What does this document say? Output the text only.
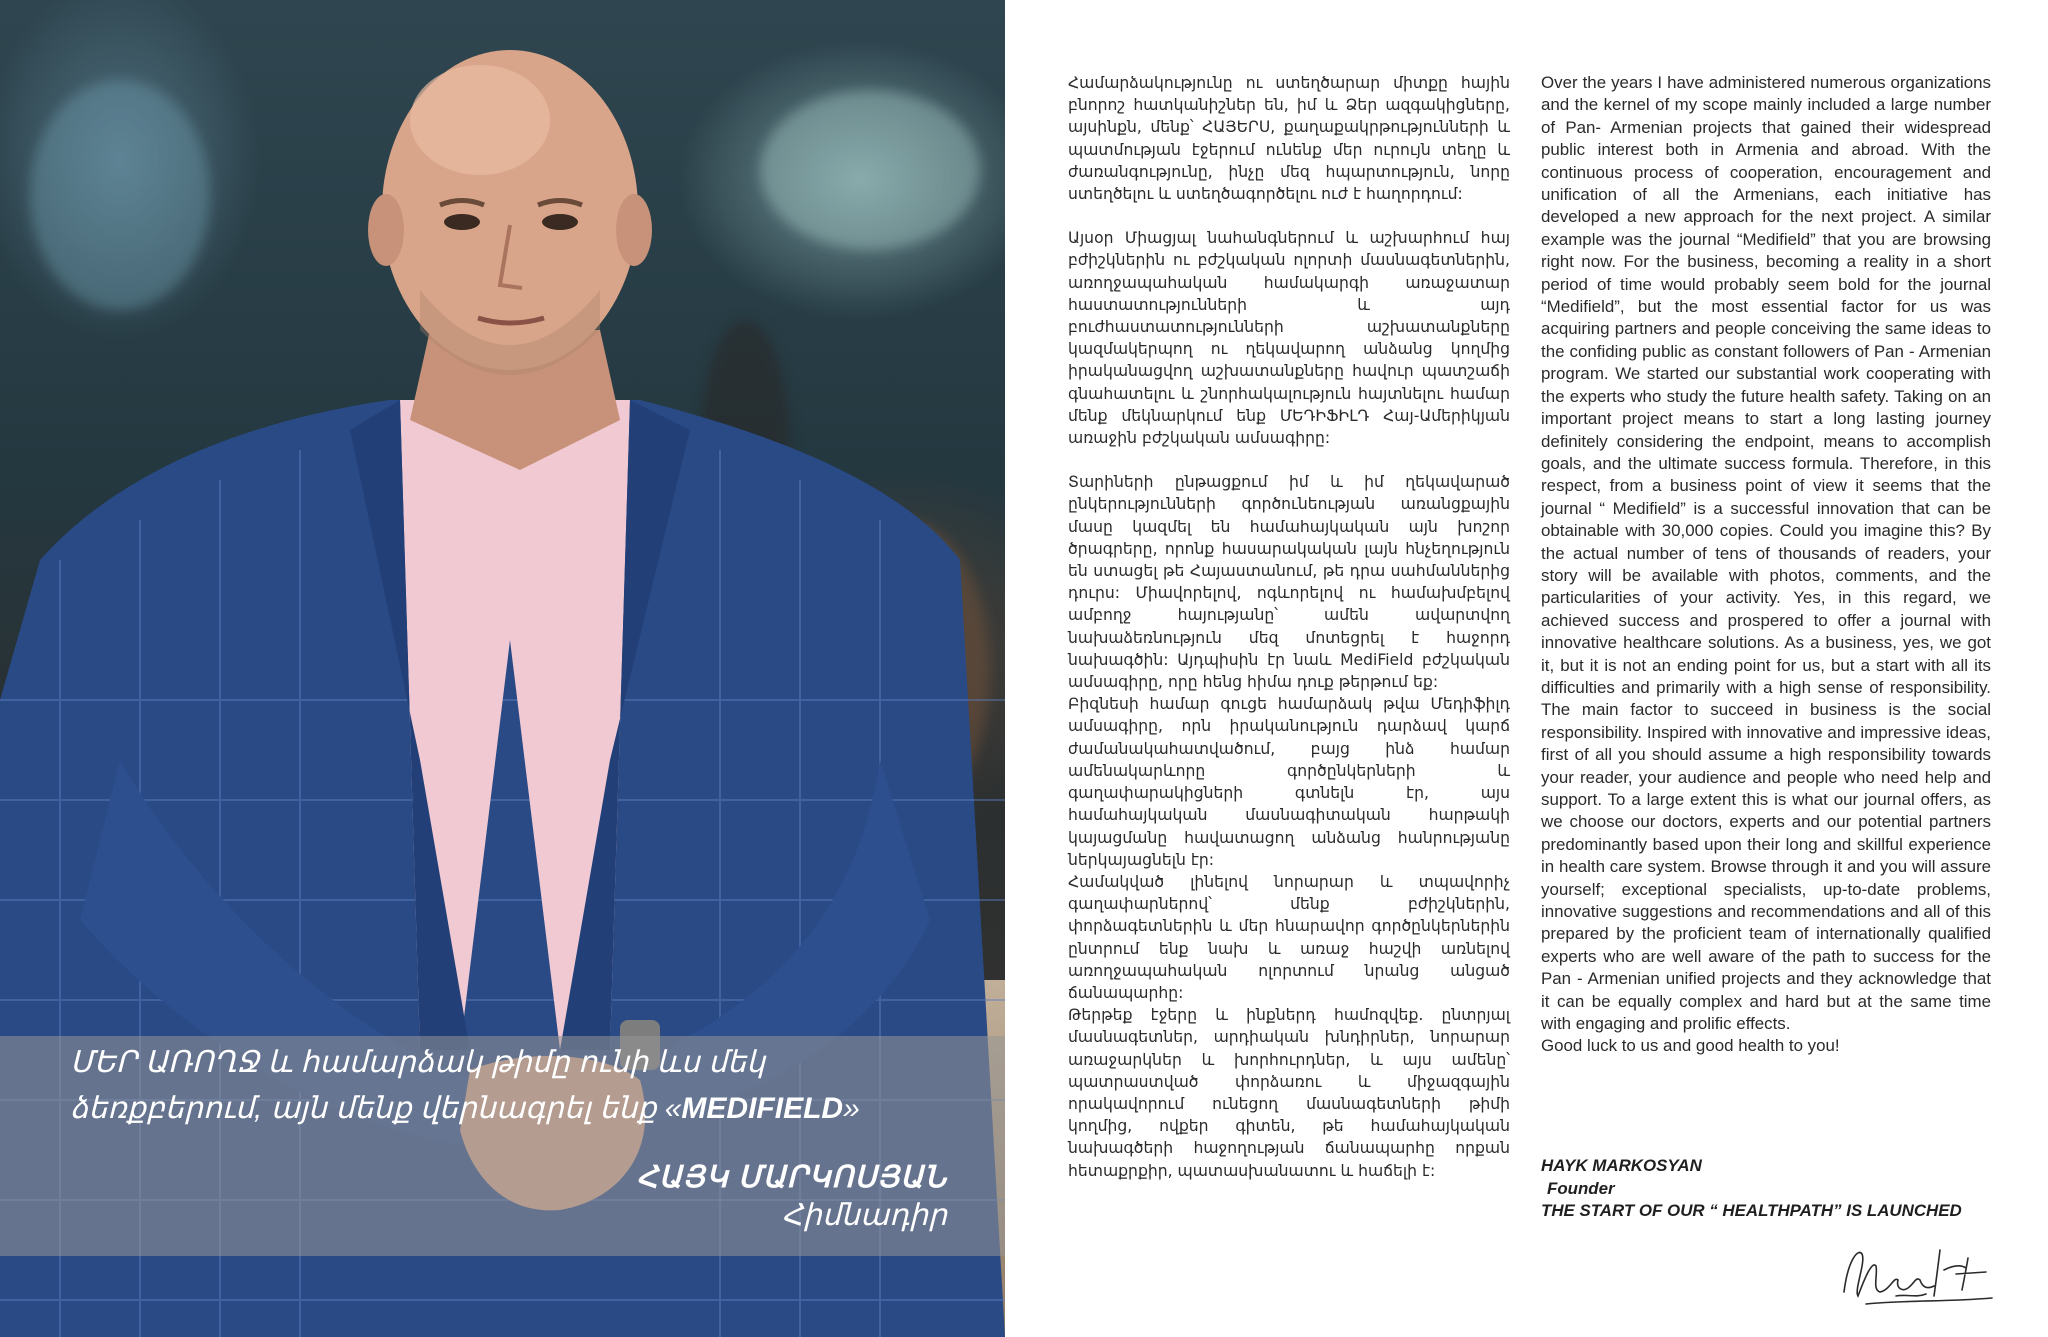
ՄԵՐ ԱՌՈՂՋ և համարձակ թիմը ունի ևս մեկ
ձեռքբերում, այն մենք վերնագրել ենք «MEDIFIELD»
ՀԱՅԿ ՄԱՐԿՈՍՅԱՆ
Հիմնադիր

Համարձակությունը ու ստեղծարար միտքը հային բնորոշ հատկանիշներ են, իմ և Ձեր ազգակիցները, այսինքն, մենք՝ ՀԱՅԵՐՍ, քաղաքակրթությունների և պատմության էջերում ունենք մեր ուրույն տեղը և ժառանգությունը, ինչը մեզ հպարտություն, նորը ստեղծելու և ստեղծագործելու ուժ է հաղորդում:

Այսօր Միացյալ նահանգներում և աշխարհում հայ բժիշկներին ու բժշկական ոլորտի մասնագետներին, առողջապահական համակարգի առաջատար հաստատությունների և այդ բուժհաստատությունների աշխատանքները կազմակերպող ու ղեկավարող անձանց կողմից իրականացվող աշխատանքները հավուր պատշաճի գնահատելու և շնորհակալություն հայտնելու համար մենք մեկնարկում ենք ՄԵԴԻՖԻԼԴ Հայ-Ամերիկյան առաջին բժշկական ամսագիրը:

Տարիների ընթացքում իմ և իմ ղեկավարած ընկերությունների գործունեության առանցքային մասը կազմել են համահայկական այն խոշոր ծրագրերը, որոնք հասարակական լայն հնչեղություն են ստացել թե Հայաստանում, թե դրա սահմաններից դուրս: Միավորելով, ոգևորելով ու համախմբելով ամբողջ հայությանը՝ ամեն ավարտվող նախաձեռնություն մեզ մոտեցրել է հաջորդ նախագծին: Այդպիսին էր նաև MediField բժշկական ամսագիրը, որը հենց հիմա դուք թերթում եք:

Բիզնեսի համար գուցե համարձակ թվա Մեդիֆիլդ ամսագիրը, որն իրականություն դարձավ կարճ ժամանակահատվածում, բայց ինձ համար ամենակարևորը գործընկերների և գաղափարակիցների գտնելն էր, այս համահայկական մասնագիտական հարթակի կայացմանը հավատացող անձանց հանրությանը ներկայացնելն էր:

Համակված լինելով նորարար և տպավորիչ գաղափարներով՝ մենք բժիշկներին, փորձագետներին և մեր հնարավոր գործընկերներին ընտրում ենք նախ և առաջ հաշվի առնելով առողջապահական ոլորտում նրանց անցած ճանապարհը:

Թերթեք էջերը և ինքներդ համոզվեք. ընտրյալ մասնագետներ, արդիական խնդիրներ, նորարար առաջարկներ և խորհուրդներ, և այս ամենը՝ պատրաստված փորձառու և միջազգային որակավորում ունեցող մասնագետների թիմի կողմից, ովքեր գիտեն, թե համահայկական նախագծերի հաջողության ճանապարհը որքան հետաքրքիր, պատասխանատու և հաճելի է:

Over the years I have administered numerous organizations and the kernel of my scope mainly included a large number of Pan- Armenian projects that gained their widespread public interest both in Armenia and abroad. With the continuous process of cooperation, encouragement and unification of all the Armenians, each initiative has developed a new approach for the next project. A similar example was the journal “Medifield” that you are browsing right now. For the business, becoming a reality in a short period of time would probably seem bold for the journal “Medifield”, but the most essential factor for us was acquiring partners and people conceiving the same ideas to the confiding public as constant followers of Pan - Armenian program. We started our substantial work cooperating with the experts who study the future health safety. Taking on an important project means to start a long lasting journey definitely considering the endpoint, means to accomplish goals, and the ultimate success formula. Therefore, in this respect, from a business point of view it seems that the journal “ Medifield” is a successful innovation that can be obtainable with 30,000 copies. Could you imagine this? By the actual number of tens of thousands of readers, your story will be available with photos, comments, and the particularities of your activity. Yes, in this regard, we achieved success and prospered to offer a journal with innovative healthcare solutions. As a business, yes, we got it, but it is not an ending point for us, but a start with all its difficulties and primarily with a high sense of responsibility. The main factor to succeed in business is the social responsibility. Inspired with innovative and impressive ideas, first of all you should assume a high responsibility towards your reader, your audience and people who need help and support. To a large extent this is what our journal offers, as we choose our doctors, experts and our potential partners predominantly based upon their long and skillful experience in health care system. Browse through it and you will assure yourself; exceptional specialists, up-to-date problems, innovative suggestions and recommendations and all of this prepared by the proficient team of internationally qualified experts who are well aware of the path to success for the Pan - Armenian unified projects and they acknowledge that it can be equally complex and hard but at the same time with engaging and prolific effects.

Good luck to us and good health to you!

HAYK MARKOSYAN
Founder
THE START OF OUR “ HEALTHPATH” IS LAUNCHED
